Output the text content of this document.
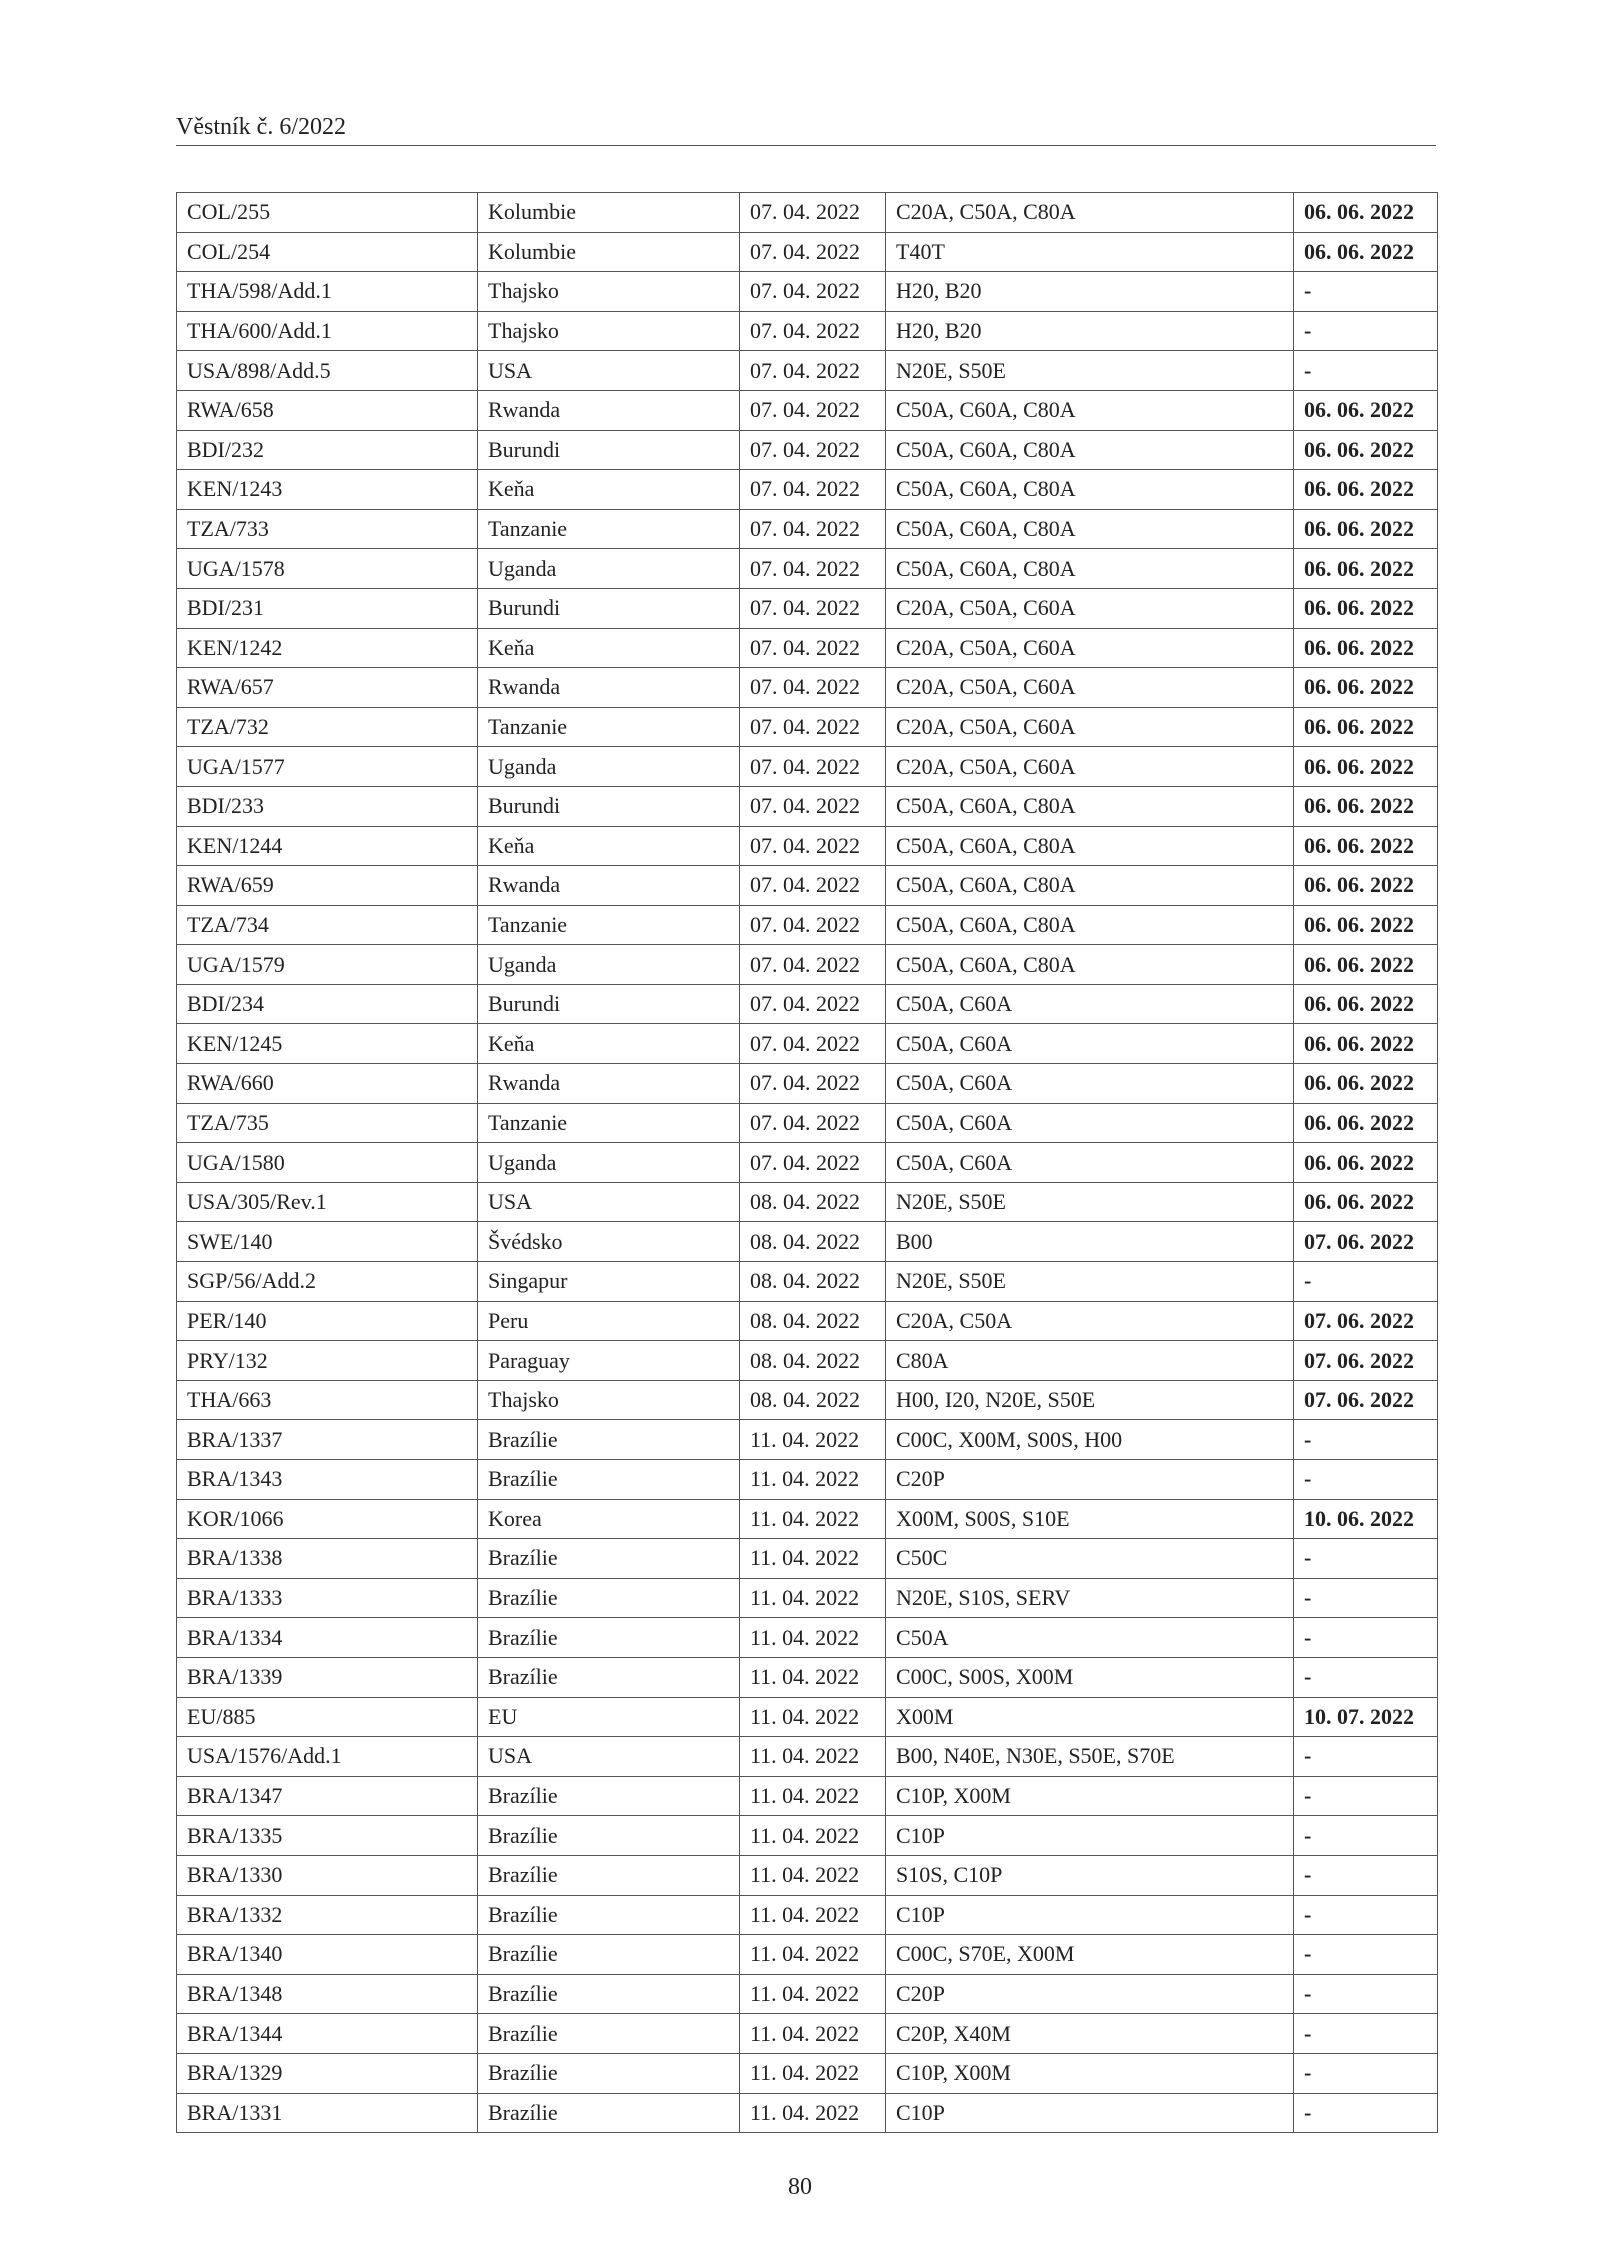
Věstník č. 6/2022
COL/255	Kolumbie	07. 04. 2022	C20A, C50A, C80A	06. 06. 2022
COL/254	Kolumbie	07. 04. 2022	T40T	06. 06. 2022
THA/598/Add.1	Thajsko	07. 04. 2022	H20, B20	-
THA/600/Add.1	Thajsko	07. 04. 2022	H20, B20	-
USA/898/Add.5	USA	07. 04. 2022	N20E, S50E	-
RWA/658	Rwanda	07. 04. 2022	C50A, C60A, C80A	06. 06. 2022
BDI/232	Burundi	07. 04. 2022	C50A, C60A, C80A	06. 06. 2022
KEN/1243	Keňa	07. 04. 2022	C50A, C60A, C80A	06. 06. 2022
TZA/733	Tanzanie	07. 04. 2022	C50A, C60A, C80A	06. 06. 2022
UGA/1578	Uganda	07. 04. 2022	C50A, C60A, C80A	06. 06. 2022
BDI/231	Burundi	07. 04. 2022	C20A, C50A, C60A	06. 06. 2022
KEN/1242	Keňa	07. 04. 2022	C20A, C50A, C60A	06. 06. 2022
RWA/657	Rwanda	07. 04. 2022	C20A, C50A, C60A	06. 06. 2022
TZA/732	Tanzanie	07. 04. 2022	C20A, C50A, C60A	06. 06. 2022
UGA/1577	Uganda	07. 04. 2022	C20A, C50A, C60A	06. 06. 2022
BDI/233	Burundi	07. 04. 2022	C50A, C60A, C80A	06. 06. 2022
KEN/1244	Keňa	07. 04. 2022	C50A, C60A, C80A	06. 06. 2022
RWA/659	Rwanda	07. 04. 2022	C50A, C60A, C80A	06. 06. 2022
TZA/734	Tanzanie	07. 04. 2022	C50A, C60A, C80A	06. 06. 2022
UGA/1579	Uganda	07. 04. 2022	C50A, C60A, C80A	06. 06. 2022
BDI/234	Burundi	07. 04. 2022	C50A, C60A	06. 06. 2022
KEN/1245	Keňa	07. 04. 2022	C50A, C60A	06. 06. 2022
RWA/660	Rwanda	07. 04. 2022	C50A, C60A	06. 06. 2022
TZA/735	Tanzanie	07. 04. 2022	C50A, C60A	06. 06. 2022
UGA/1580	Uganda	07. 04. 2022	C50A, C60A	06. 06. 2022
USA/305/Rev.1	USA	08. 04. 2022	N20E, S50E	06. 06. 2022
SWE/140	Švédsko	08. 04. 2022	B00	07. 06. 2022
SGP/56/Add.2	Singapur	08. 04. 2022	N20E, S50E	-
PER/140	Peru	08. 04. 2022	C20A, C50A	07. 06. 2022
PRY/132	Paraguay	08. 04. 2022	C80A	07. 06. 2022
THA/663	Thajsko	08. 04. 2022	H00, I20, N20E, S50E	07. 06. 2022
BRA/1337	Brazílie	11. 04. 2022	C00C, X00M, S00S, H00	-
BRA/1343	Brazílie	11. 04. 2022	C20P	-
KOR/1066	Korea	11. 04. 2022	X00M, S00S, S10E	10. 06. 2022
BRA/1338	Brazílie	11. 04. 2022	C50C	-
BRA/1333	Brazílie	11. 04. 2022	N20E, S10S, SERV	-
BRA/1334	Brazílie	11. 04. 2022	C50A	-
BRA/1339	Brazílie	11. 04. 2022	C00C, S00S, X00M	-
EU/885	EU	11. 04. 2022	X00M	10. 07. 2022
USA/1576/Add.1	USA	11. 04. 2022	B00, N40E, N30E, S50E, S70E	-
BRA/1347	Brazílie	11. 04. 2022	C10P, X00M	-
BRA/1335	Brazílie	11. 04. 2022	C10P	-
BRA/1330	Brazílie	11. 04. 2022	S10S, C10P	-
BRA/1332	Brazílie	11. 04. 2022	C10P	-
BRA/1340	Brazílie	11. 04. 2022	C00C, S70E, X00M	-
BRA/1348	Brazílie	11. 04. 2022	C20P	-
BRA/1344	Brazílie	11. 04. 2022	C20P, X40M	-
BRA/1329	Brazílie	11. 04. 2022	C10P, X00M	-
BRA/1331	Brazílie	11. 04. 2022	C10P	-
80
